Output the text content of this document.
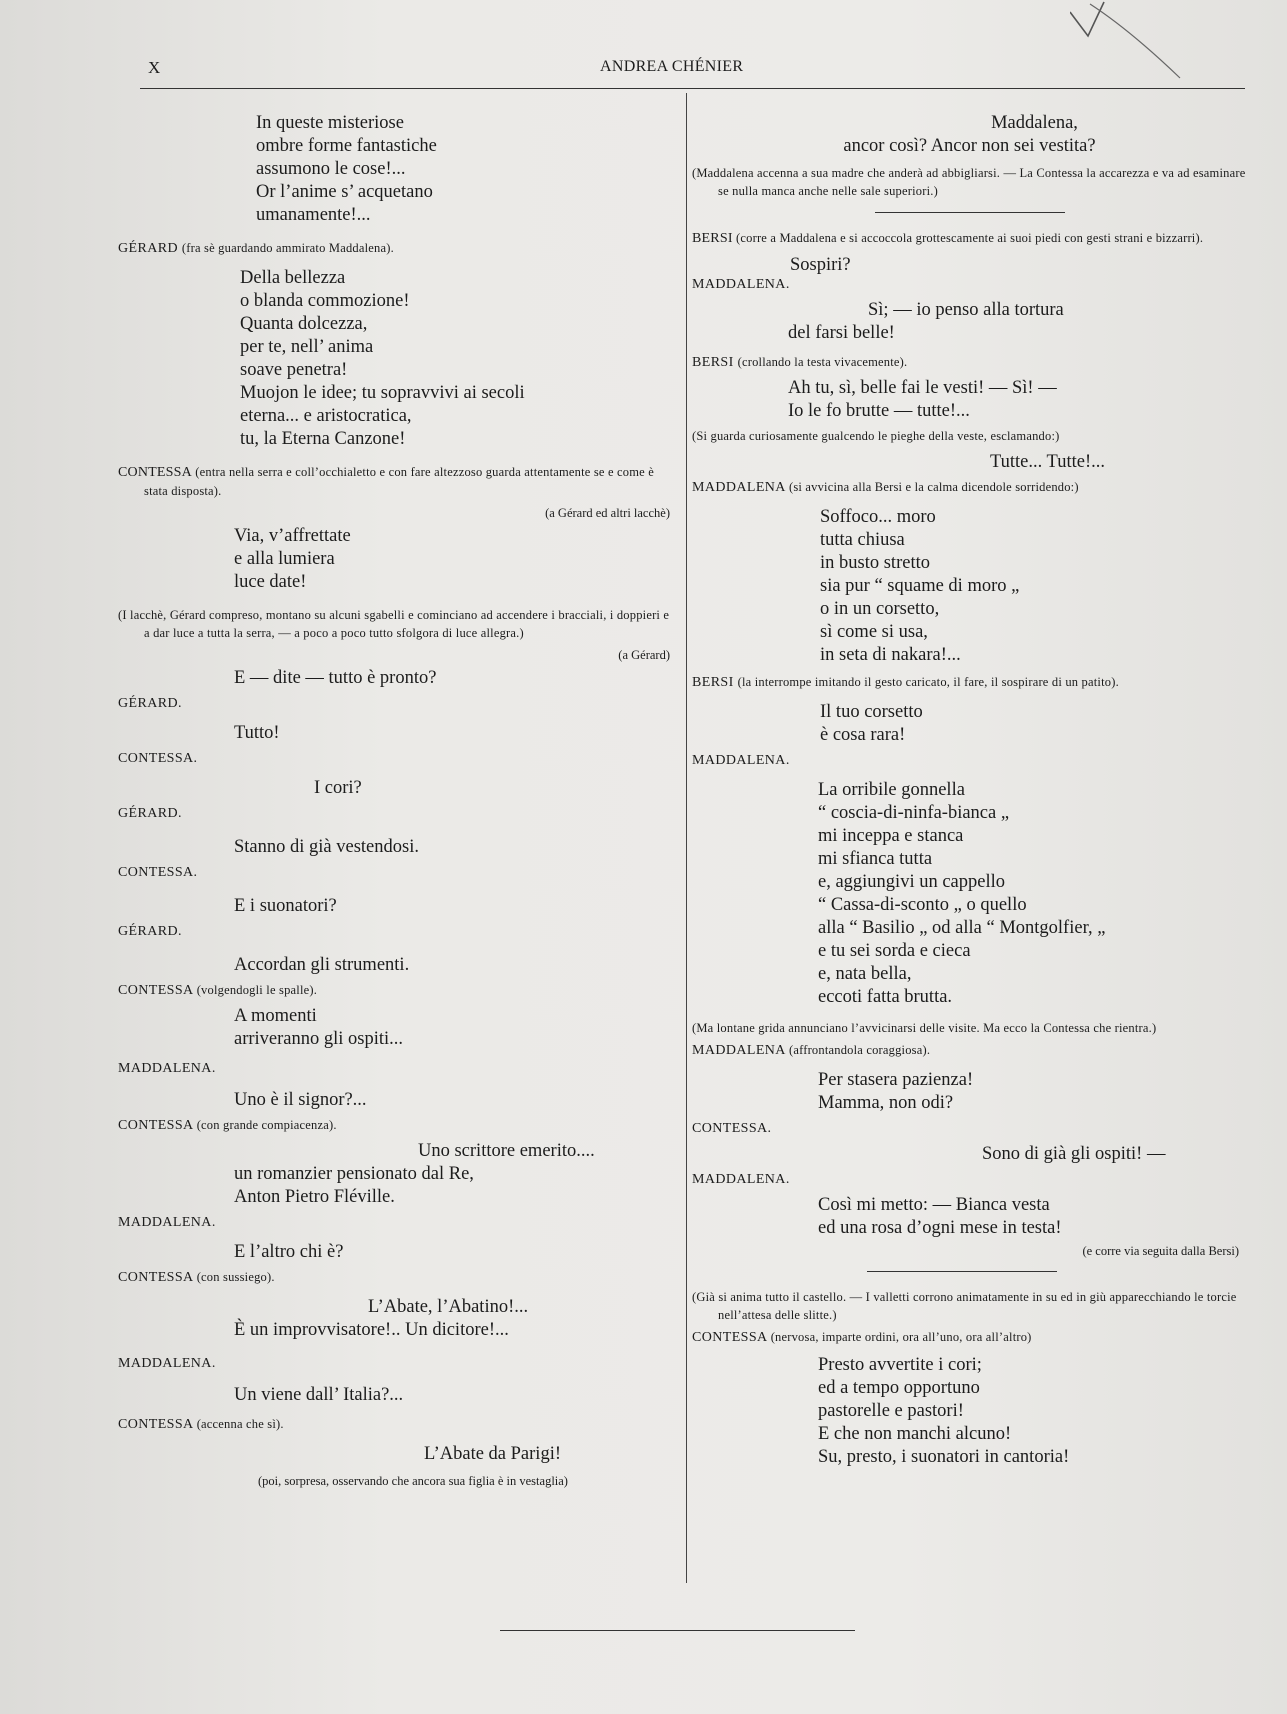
X	ANDREA CHÉNIER

In queste misteriose

ombre forme fantastiche

assumono le cose!...

Or l’anime s’ acquetano

umanamente!...

GÉRARD (fra sè guardando ammirato Maddalena).

Della bellezza

o blanda commozione!

Quanta dolcezza,

per te, nell’ anima

soave penetra!

Muojon le idee; tu sopravvivi ai secoli

eterna... e aristocratica,

tu, la Eterna Canzone!

CONTESSA (entra nella serra e coll’occhialetto e con fare altezzoso guarda attentamente se e come è stata disposta).
(a Gérard ed altri lacchè)

Via, v’affrettate

e alla lumiera

luce date!

(I lacchè, Gérard compreso, montano su alcuni sgabelli e cominciano ad accendere i bracciali, i doppieri e a dar luce a tutta la serra, — a poco a poco tutto sfolgora di luce allegra.)
(a Gérard)

E — dite — tutto è pronto?

GÉRARD.

Tutto!

CONTESSA.

I cori?

GÉRARD.

Stanno di già vestendosi.

CONTESSA.

E i suonatori?

GÉRARD.

Accordan gli strumenti.

CONTESSA (volgendogli le spalle).

A momenti

arriveranno gli ospiti...

MADDALENA.

Uno è il signor?...

CONTESSA (con grande compiacenza).

Uno scrittore emerito....

un romanzier pensionato dal Re,

Anton Pietro Fléville.

MADDALENA.

E l’altro chi è?

CONTESSA (con sussiego).

L’Abate, l’Abatino!...

È un improvvisatore!.. Un dicitore!...

MADDALENA.

Un viene dall’ Italia?...

CONTESSA (accenna che sì).

L’Abate da Parigi!

(poi, sorpresa, osservando che ancora sua figlia è in vestaglia)

Maddalena,

ancor così? Ancor non sei vestita?

(Maddalena accenna a sua madre che anderà ad abbigliarsi. — La Contessa la accarezza e va ad esaminare se nulla manca anche nelle sale superiori.)
BERSI (corre a Maddalena e si accoccola grottescamente ai suoi piedi con gesti strani e bizzarri).

Sospiri?

MADDALENA.

Sì; — io penso alla tortura

del farsi belle!

BERSI (crollando la testa vivacemente).

Ah tu, sì, belle fai le vesti! — Sì! —

Io le fo brutte — tutte!...

(Si guarda curiosamente gualcendo le pieghe della veste, esclamando:)

Tutte... Tutte!...

MADDALENA (si avvicina alla Bersi e la calma dicendole sorridendo:)

Soffoco... moro

tutta chiusa

in busto stretto

sia pur “ squame di moro „

o in un corsetto,

sì come si usa,

in seta di nakara!...

BERSI (la interrompe imitando il gesto caricato, il fare, il sospirare di un patito).

Il tuo corsetto

è cosa rara!

MADDALENA.

La orribile gonnella

“ coscia-di-ninfa-bianca „

mi inceppa e stanca

mi sfianca tutta

e, aggiungivi un cappello

“ Cassa-di-sconto „ o quello

alla “ Basilio „ od alla “ Montgolfier, „

e tu sei sorda e cieca

e, nata bella,

eccoti fatta brutta.

(Ma lontane grida annunciano l’avvicinarsi delle visite. Ma ecco la Contessa che rientra.)
MADDALENA (affrontandola coraggiosa).

Per stasera pazienza!

Mamma, non odi?

CONTESSA.

Sono di già gli ospiti! —

MADDALENA.

Così mi metto: — Bianca vesta

ed una rosa d’ogni mese in testa!

(e corre via seguita dalla Bersi)
(Già si anima tutto il castello. — I valletti corrono animatamente in su ed in giù apparecchiando le torcie nell’attesa delle slitte.)
CONTESSA (nervosa, imparte ordini, ora all’uno, ora all’altro)

Presto avvertite i cori;

ed a tempo opportuno

pastorelle e pastori!

E che non manchi alcuno!

Su, presto, i suonatori in cantoria!
